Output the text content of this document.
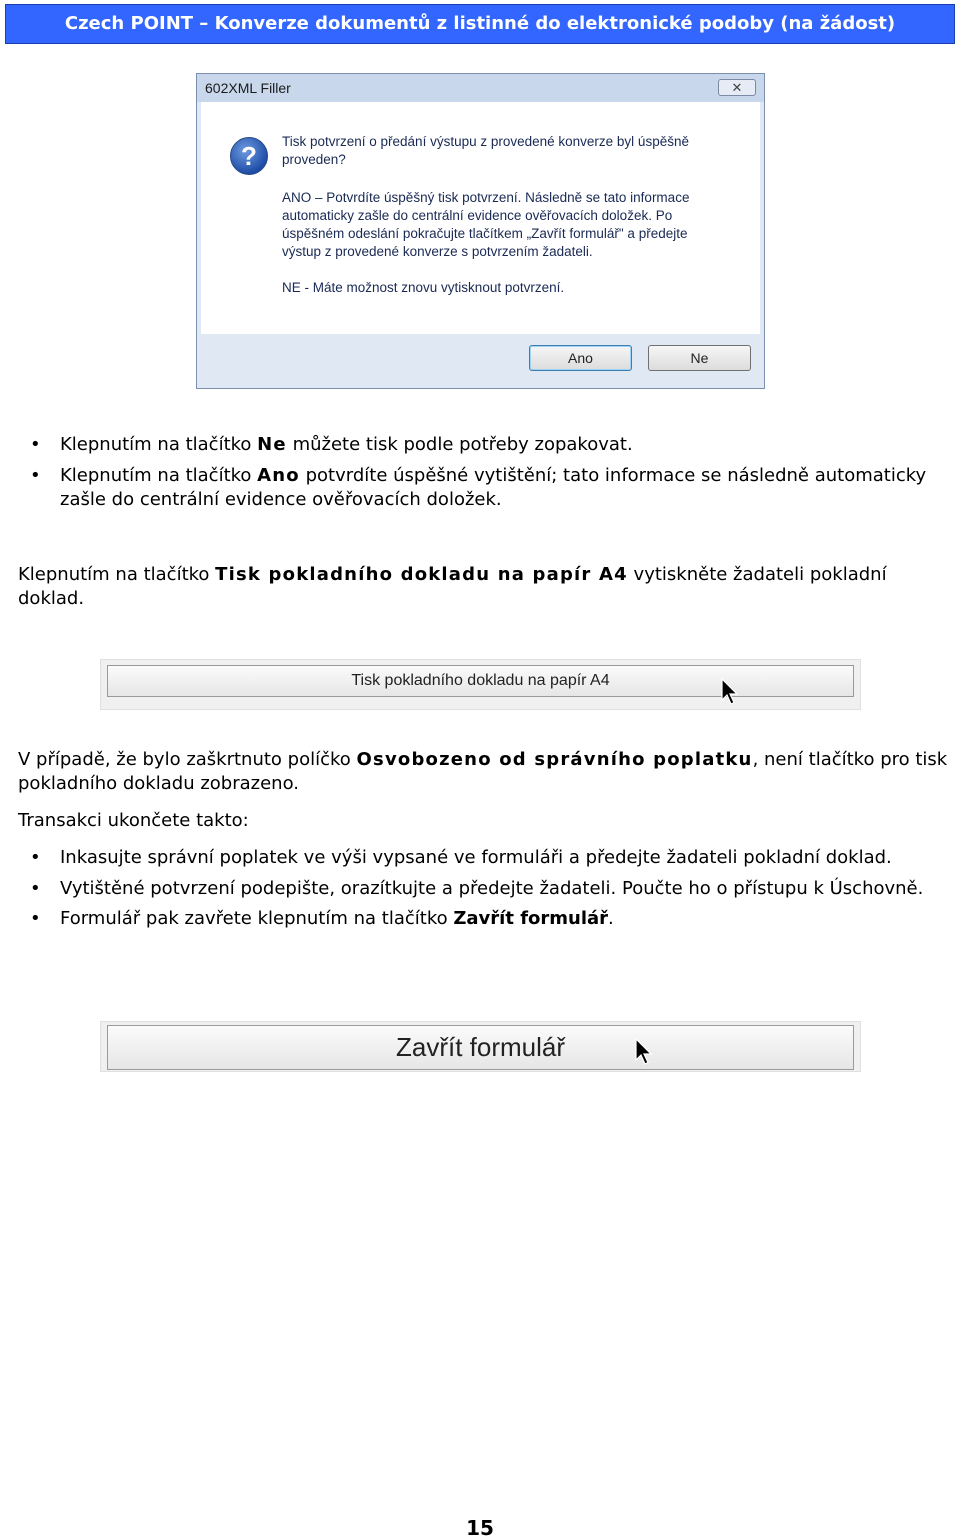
Czech POINT – Konverze dokumentů z listinné do elektronické podoby (na žádost)
602XML Filler	✕
?	Tisk potvrzení o předání výstupu z provedené konverze byl úspěšně proveden?

ANO – Potvrdíte úspěšný tisk potvrzení. Následně se tato informace automaticky zašle do centrální evidence ověřovacích doložek. Po úspěšném odeslání pokračujte tlačítkem „Zavřít formulář" a předejte výstup z provedené konverze s potvrzením žadateli.

NE - Máte možnost znovu vytisknout potvrzení.

Ano	Ne
• Klepnutím na tlačítko Ne můžete tisk podle potřeby zopakovat.
• Klepnutím na tlačítko Ano potvrdíte úspěšné vytištění; tato informace se následně automaticky zašle do centrální evidence ověřovacích doložek.

Klepnutím na tlačítko Tisk pokladního dokladu na papír A4 vytiskněte žadateli pokladní doklad.

Tisk pokladního dokladu na papír A4

V případě, že bylo zaškrtnuto políčko Osvobozeno od správního poplatku, není tlačítko pro tisk pokladního dokladu zobrazeno.

Transakci ukončete takto:

• Inkasujte správní poplatek ve výši vypsané ve formuláři a předejte žadateli pokladní doklad.
• Vytištěné potvrzení podepište, orazítkujte a předejte žadateli. Poučte ho o přístupu k Úschovně.
• Formulář pak zavřete klepnutím na tlačítko Zavřít formulář.
Zavřít formulář
15
